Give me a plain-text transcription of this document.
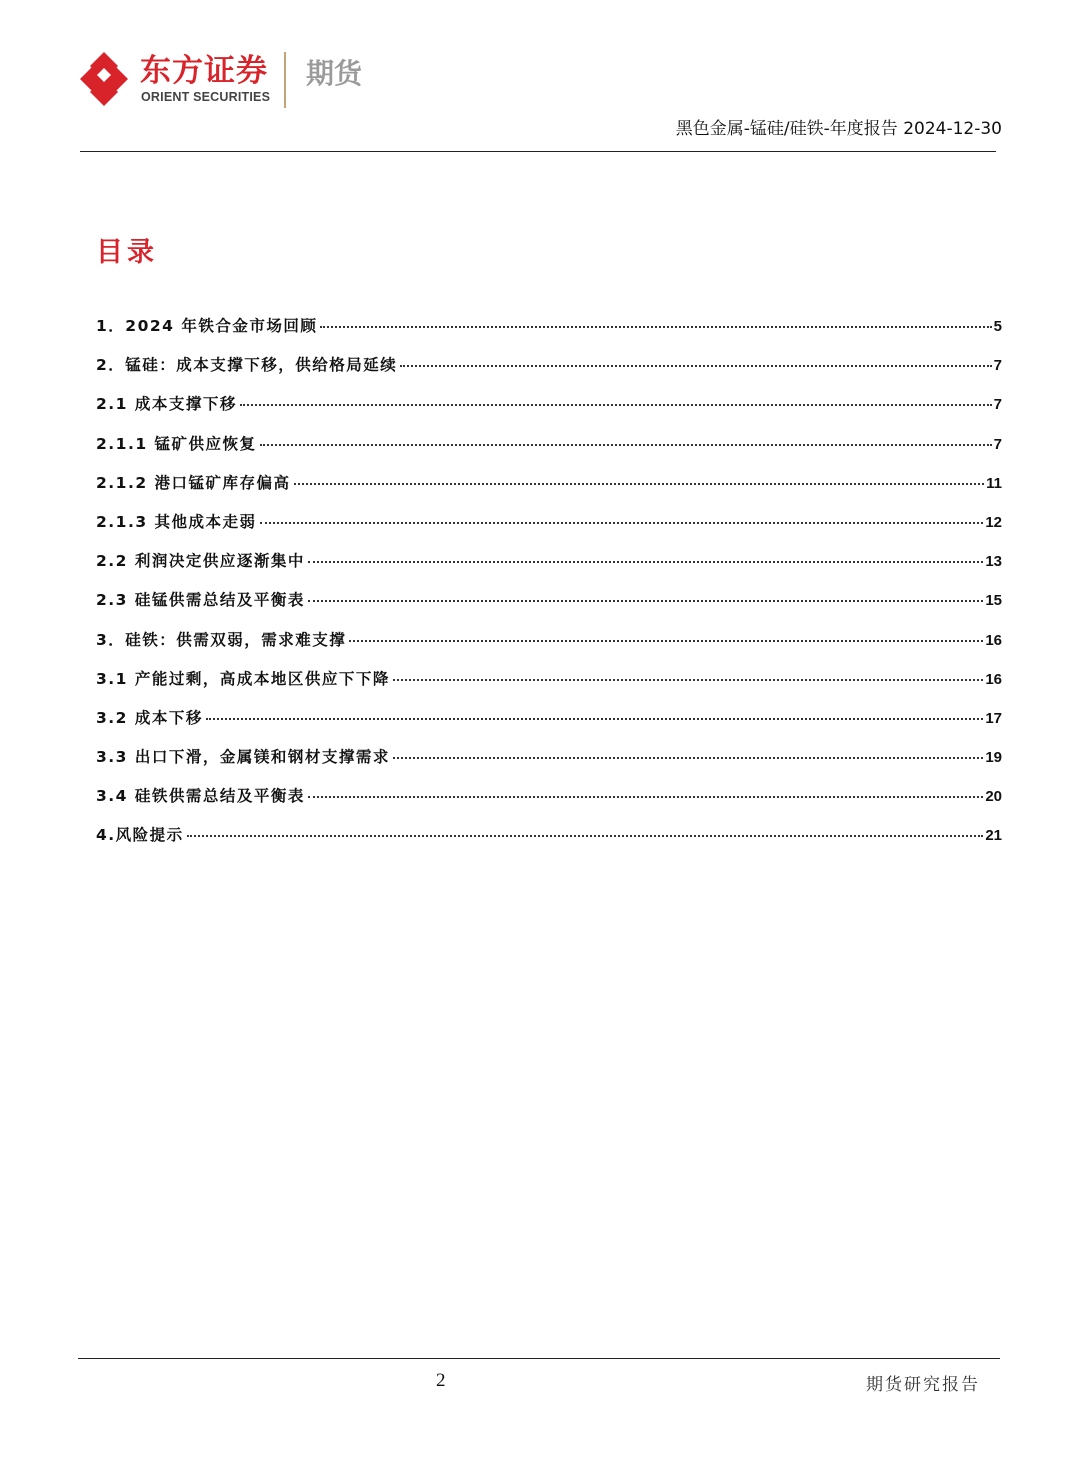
东方证券
ORIENT SECURITIES
期货
黑色金属-锰硅/硅铁-年度报告 2024-12-30
目录
1．2024 年铁合金市场回顾	5
2．锰硅：成本支撑下移，供给格局延续	7
2.1 成本支撑下移	7
2.1.1 锰矿供应恢复	7
2.1.2 港口锰矿库存偏高	11
2.1.3 其他成本走弱	12
2.2 利润决定供应逐渐集中	13
2.3 硅锰供需总结及平衡表	15
3．硅铁：供需双弱，需求难支撑	16
3.1 产能过剩，高成本地区供应下下降	16
3.2 成本下移	17
3.3 出口下滑，金属镁和钢材支撑需求	19
3.4 硅铁供需总结及平衡表	20
4.风险提示	21
2	期货研究报告
